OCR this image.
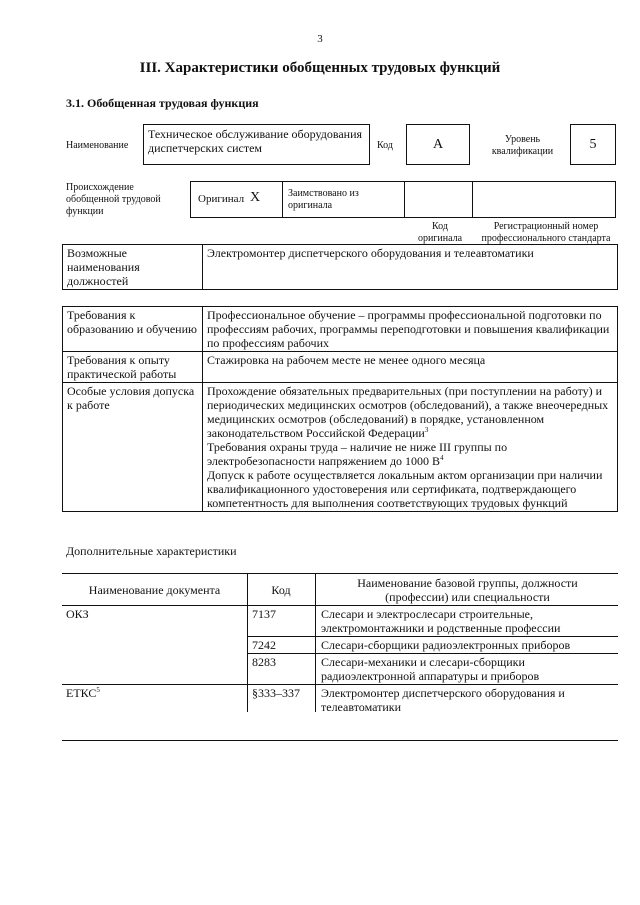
3
III. Характеристики обобщенных трудовых функций
3.1. Обобщенная трудовая функция
Наименование
Техническое обслуживание оборудования диспетчерских систем	Код	А	Уровень квалификации	5
Происхождение обобщенной трудовой функции
Оригинал Х	Заимствовано из оригинала
Код оригинала
Регистрационный номер профессионального стандарта
Возможные наименования должностей	Электромонтер диспетчерского оборудования и телеавтоматики
Требования к образованию и обучению	Профессиональное обучение – программы профессиональной подготовки по профессиям рабочих, программы переподготовки и повышения квалификации по профессиям рабочих
Требования к опыту практической работы	Стажировка на рабочем месте не менее одного месяца
Особые условия допуска к работе	Прохождение обязательных предварительных (при поступлении на работу) и периодических медицинских осмотров (обследований), а также внеочередных медицинских осмотров (обследований) в порядке, установленном законодательством Российской Федерации$^3$
Требования охраны труда – наличие не ниже III группы по электробезопасности напряжением до 1000 $В^4$
Допуск к работе осуществляется локальным актом организации при наличии квалификационного удостоверения или сертификата, подтверждающего компетентность для выполнения соответствующих трудовых функций
Дополнительные характеристики
Наименование документа	Код	Наименование базовой группы, должности (профессии) или специальности
ОКЗ	7137	Слесари и электрослесари строительные, электромонтажники и родственные профессии
7242	Слесари-сборщики радиоэлектронных приборов
8283	Слесари-механики и слесари-сборщики радиоэлектронной аппаратуры и приборов
ЕТКС$^5$	§333–337 Электромонтер диспетчерского оборудования и телеавтоматики
